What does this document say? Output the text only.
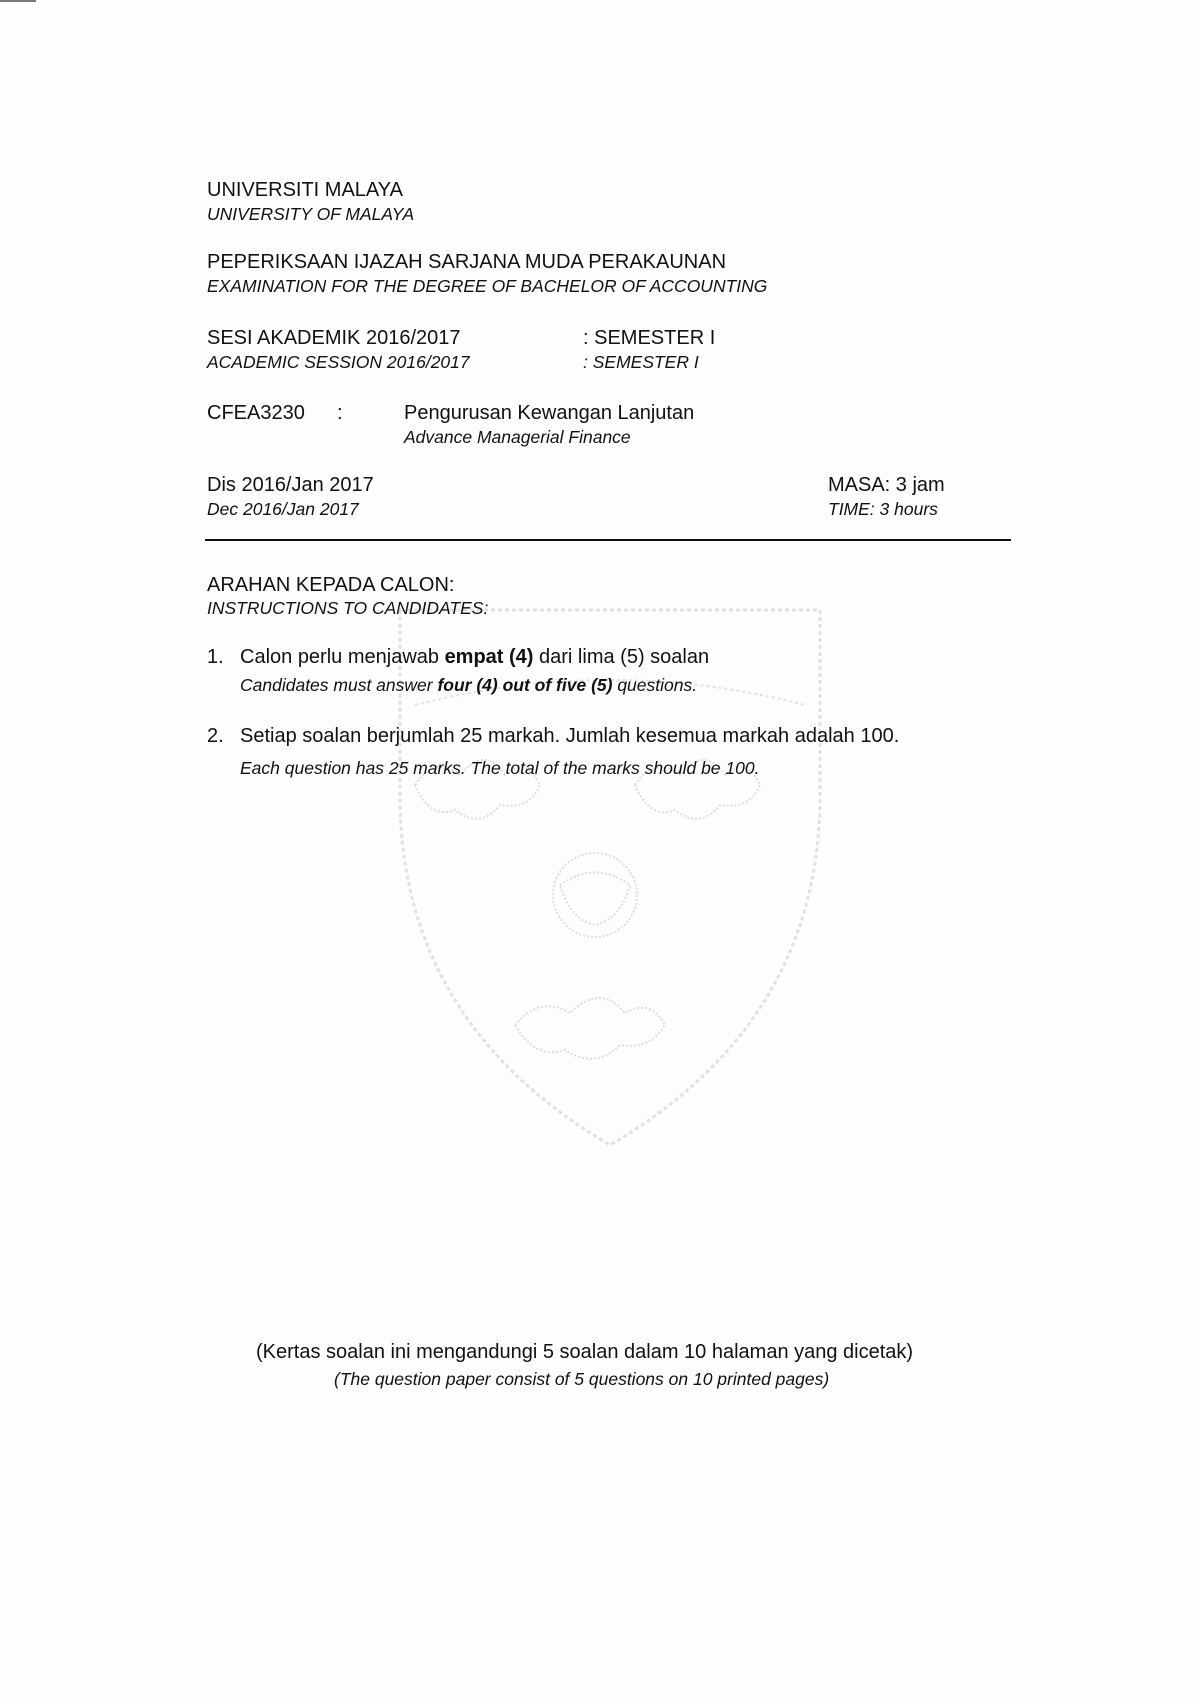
UNIVERSITI MALAYA
UNIVERSITY OF MALAYA
PEPERIKSAAN IJAZAH SARJANA MUDA PERAKAUNAN
EXAMINATION FOR THE DEGREE OF BACHELOR OF ACCOUNTING
SESI AKADEMIK 2016/2017
ACADEMIC SESSION 2016/2017
: SEMESTER I
: SEMESTER I
CFEA3230 :	Pengurusan Kewangan Lanjutan
Advance Managerial Finance
Dis 2016/Jan 2017
Dec 2016/Jan 2017
MASA: 3 jam
TIME: 3 hours
ARAHAN KEPADA CALON:
INSTRUCTIONS TO CANDIDATES:
1. Calon perlu menjawab empat (4) dari lima (5) soalan
Candidates must answer four (4) out of five (5) questions.
2. Setiap soalan berjumlah 25 markah. Jumlah kesemua markah adalah 100.
Each question has 25 marks. The total of the marks should be 100.
(Kertas soalan ini mengandungi 5 soalan dalam 10 halaman yang dicetak)
(The question paper consist of 5 questions on 10 printed pages)
